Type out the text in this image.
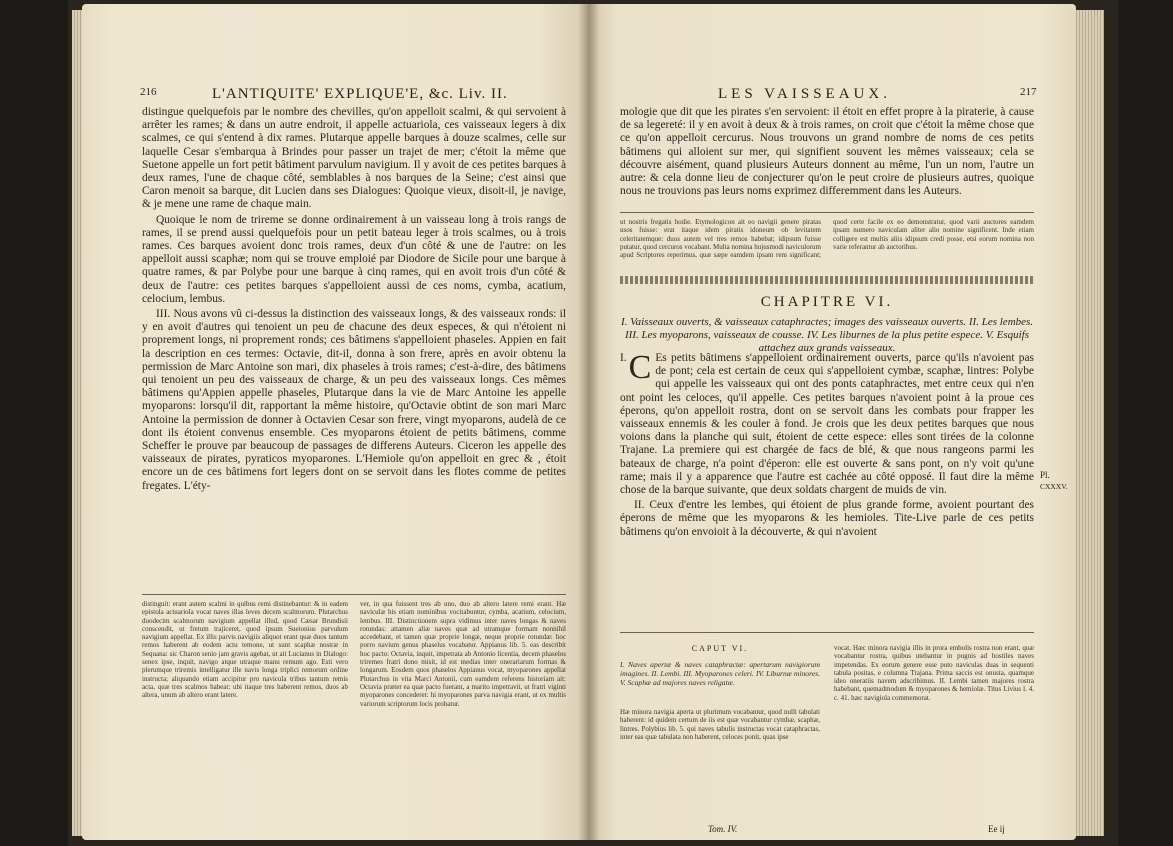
216	L'ANTIQUITE' EXPLIQUE'E, &c. Liv. II.

distingue quelquefois par le nombre des chevilles, qu'on appelloit scalmi, & qui servoient à arrêter les rames; & dans un autre endroit, il appelle actuariola, ces vaisseaux legers à dix scalmes, ce qui s'entend à dix rames. Plutarque appelle barques à douze scalmes, celle sur laquelle Cesar s'embarqua à Brindes pour passer un trajet de mer; c'étoit la même que Suetone appelle un fort petit bâtiment parvulum navigium. Il y avoit de ces petites barques à deux rames, l'une de chaque côté, semblables à nos barques de la Seine; c'est ainsi que Caron menoit sa barque, dit Lucien dans ses Dialogues: Quoique vieux, disoit-il, je navige, & je mene une rame de chaque main.

Quoique le nom de trireme se donne ordinairement à un vaisseau long à trois rangs de rames, il se prend aussi quelquefois pour un petit bateau leger à trois scalmes, ou à trois rames. Ces barques avoient donc trois rames, deux d'un côté & une de l'autre: on les appelloit aussi scaphæ; nom qui se trouve emploié par Diodore de Sicile pour une barque à quatre rames, & par Polybe pour une barque à cinq rames, qui en avoit trois d'un côté & deux de l'autre: ces petites barques s'appelloient aussi de ces noms, cymba, acatium, celocium, lembus.

III. Nous avons vû ci-dessus la distinction des vaisseaux longs, & des vaisseaux ronds: il y en avoit d'autres qui tenoient un peu de chacune des deux especes, & qui n'étoient ni proprement longs, ni proprement ronds; ces bâtimens s'appelloient phaseles. Appien en fait la description en ces termes: Octavie, dit-il, donna à son frere, après en avoir obtenu la permission de Marc Antoine son mari, dix phaseles à trois rames; c'est-à-dire, des bâtimens qui tenoient un peu des vaisseaux de charge, & un peu des vaisseaux longs. Ces mêmes bâtimens qu'Appien appelle phaseles, Plutarque dans la vie de Marc Antoine les appelle myoparons: lorsqu'il dit, rapportant la même histoire, qu'Octavie obtint de son mari Marc Antoine la permission de donner à Octavien Cesar son frere, vingt myoparons, audelà de ce dont ils étoient convenus ensemble. Ces myoparons étoient de petits bâtimens, comme Scheffer le prouve par beaucoup de passages de differens Auteurs. Ciceron les appelle des vaisseaux de pirates, pyraticos myoparones. L'Hemiole qu'on appelloit en grec & , étoit encore un de ces bâtimens fort legers dont on se servoit dans les flotes comme de petites fregates. L'éty-

distinguit: erant autem scalmi in quibus remi distinebantur: & in eadem epistola actuariola vocat naves illas leves decem scalmorum. Plutarchus duodecim scalmorum navigium appellat illud, quod Cæsar Brundisii conscendit, ut fretum trajiceret, quod ipsum Suetonius parvulum navigium appellat. Ex illis parvis navigiis aliquot erant quæ duos tantum remos haberent ab eodem actu temone, ut sunt scaphæ nostræ in Sequana: sic Charon senio jam gravis agebat, ut ait Lucianus in Dialogo: senex ipse, inquit, navigo atque utraque manu remum ago. Esti vero plerumque triremis intelligatur ille navis longa triplici remorum ordine instructa; aliquando etiam accipitur pro navicula tribus tantum remis acta, quæ tres scalmos habeat: ubi itaque tres haberent remos, duos ab altera, unum ab altero erant latere.
ver, in qua fuissent tres ab uno, duo ab altero latere remi erant. Hæ naviculæ his etiam nominibus vocitabuntur, cymba, acatium, celocium, lembus. III. Distinctionem supra vidimus inter naves longas & naves rotundas: attamen aliæ naves quæ ad utramque formam nonnihil accedebant, et tamen quæ proprie longæ, neque proprie rotundæ: hoc porro navium genus phaselus vocabatur. Appianus lib. 5. eas describit hoc pacto: Octavia, inquit, impetrata ab Antonio licentia, decem phaselos triremes fratri dono misit, id est medias inter onerariarum formas & longarum. Eosdem quos phaselos Appianus vocat, myoparones appellat Plutarchus in vita Marci Antonii, cum eamdem referens historiam ait: Octavia præter ea quæ pacto fuerant, a marito impetravit, ut fratri viginti myoparones concederet: hi myoparones parva navigia erant, ut ex multis variorum scriptorum locis probatur.
LES VAISSEAUX.	217

mologie que dit que les pirates s'en servoient: il étoit en effet propre à la piraterie, à cause de sa legereté: il y en avoit à deux & à trois rames, on croit que c'étoit la même chose que ce qu'on appelloit cercurus. Nous trouvons un grand nombre de noms de ces petits bâtimens qui alloient sur mer, qui signifient souvent les mêmes vaisseaux; cela se découvre aisément, quand plusieurs Auteurs donnent au même, l'un un nom, l'autre un autre: & cela donne lieu de conjecturer qu'on le peut croire de plusieurs autres, quoique nous ne trouvions pas leurs noms exprimez differemment dans les Auteurs.

ut nostris fregatis hodie. Etymologicon ait eo navigii genere piratas usos fuisse: erat itaque idem piratis idoneum ob levitatem celeritatemque: duos autem vel tres remos habebat; idipsum fuisse putatur, quod cercuros vocabant. Multa nomina hujusmodi naviculorum apud Scriptores reperimus, quæ sæpe eamdem ipsam rem significant; quod certe facile ex eo demonstratur, quod varii auctores eamdem ipsam numero naviculam aliter alio nomine significent. Inde etiam colligere est multis aliis idipsum credi posse, etsi eorum nomina non varie referantur ab auctoribus.
CHAPITRE VI.
I. Vaisseaux ouverts, & vaisseaux cataphractes; images des vaisseaux ouverts. II. Les lembes. III. Les myoparons, vaisseaux de cousse. IV. Les liburnes de la plus petite espece. V. Esquifs attachez aux grands vaisseaux.

I. C Es petits bâtimens s'appelloient ordinairement ouverts, parce qu'ils n'avoient pas de pont; cela est certain de ceux qui s'appelloient cymbæ, scaphæ, lintres: Polybe qui appelle les vaisseaux qui ont des ponts cataphractes, met entre ceux qui n'en ont point les celoces, qu'il appelle. Ces petites barques n'avoient point à la proue ces éperons, qu'on appelloit rostra, dont on se servoit dans les combats pour frapper les vaisseaux ennemis & les couler à fond. Je crois que les deux petites barques que nous voions dans la planche qui suit, étoient de cette espece: elles sont tirées de la colonne Trajane. La premiere qui est chargée de facs de blé, & que nous rangeons parmi les bateaux de charge, n'a point d'éperon: elle est ouverte & sans pont, on n'y voit qu'une rame; mais il y a apparence que l'autre est cachée au côté opposé. Il faut dire la même chose de la barque suivante, que deux soldats chargent de muids de vin.

II. Ceux d'entre les lembes, qui étoient de plus grande forme, avoient pourtant des éperons de même que les myoparons & les hemioles. Tite-Live parle de ces petits bâtimens qu'on envoioit à la découverte, & qui n'avoient

Pl.
CXXXV.
CAPUT VI.
I. Naves apertæ & naves cataphractæ: apertarum navigiorum imagines. II. Lembi. III. Myoparones celeri. IV. Liburnæ minores. V. Scaphæ ad majores naves religatæ.
Hæ minora navigia aperta ut plurimum vocabantur, quod nulli tabulati haberent: id quidem certum de iis est quæ vocabantur cymbæ, scaphæ, lintres. Polybius lib. 5. qui naves tabulis instructas vocat cataphractas, inter eas quæ tabulata non haberent, celoces ponit, quas ipse
vocat. Hæc minora navigia illis in prora embolis rostra non erant, quæ vocabantur rostra, quibus utebantur in pugnis ad hostiles naves impetendas. Ex eorum genere esse puto naviculas duas in sequenti tabula positas, e columna Trajana. Prima saccis est onusta, quamque ideo oneratiis navem adscribimus. II. Lembi tamen majores rostra habebant, quemadmodum & myoparones & hemiolæ. Titus Livius l. 4. c. 41. hæc navigiola commemorat.
Tom. IV.	Ee ij
